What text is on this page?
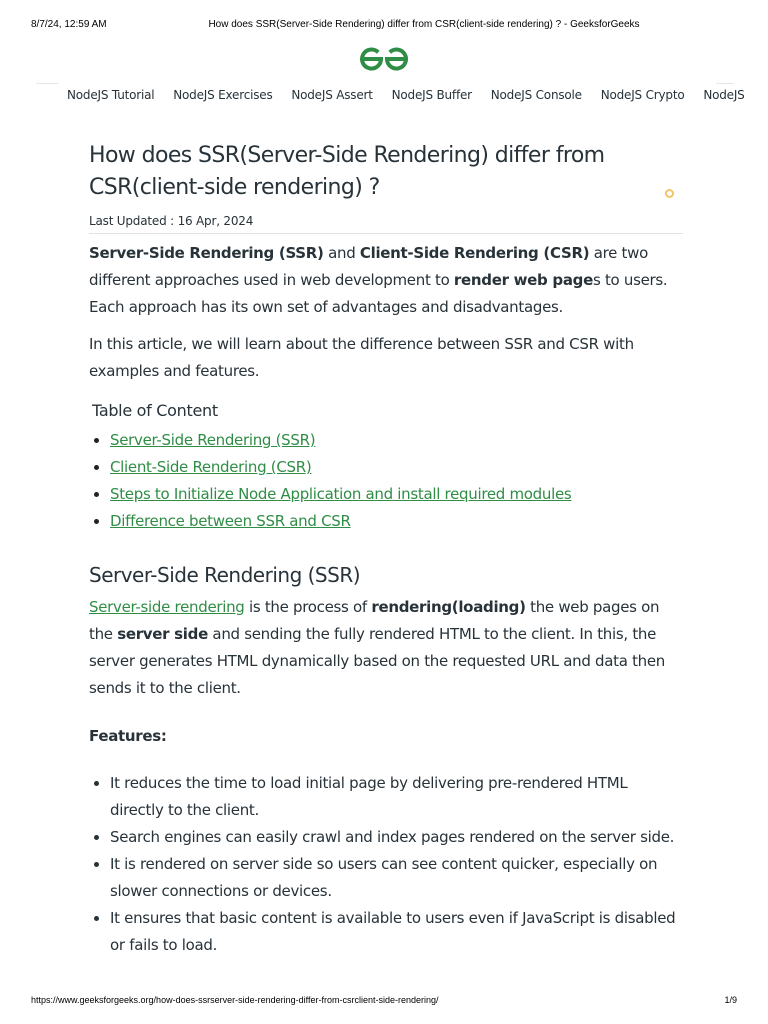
8/7/24, 12:59 AM	How does SSR(Server-Side Rendering) differ from CSR(client-side rendering) ? - GeeksforGeeks
NodeJS Tutorial NodeJS Exercises NodeJS Assert NodeJS Buffer NodeJS Console NodeJS Crypto NodeJS
How does SSR(Server-Side Rendering) differ from CSR(client-side rendering) ?
Last Updated : 16 Apr, 2024

Server-Side Rendering (SSR) and Client-Side Rendering (CSR) are two different approaches used in web development to render web pages to users. Each approach has its own set of advantages and disadvantages.

In this article, we will learn about the difference between SSR and CSR with examples and features.

Table of Content
• Server-Side Rendering (SSR)
• Client-Side Rendering (CSR)
• Steps to Initialize Node Application and install required modules
• Difference between SSR and CSR
Server-Side Rendering (SSR)

Server-side rendering is the process of rendering(loading) the web pages on the server side and sending the fully rendered HTML to the client. In this, the server generates HTML dynamically based on the requested URL and data then sends it to the client.

Features:
• It reduces the time to load initial page by delivering pre-rendered HTML directly to the client.
• Search engines can easily crawl and index pages rendered on the server side.
• It is rendered on server side so users can see content quicker, especially on slower connections or devices.
• It ensures that basic content is available to users even if JavaScript is disabled or fails to load.
https://www.geeksforgeeks.org/how-does-ssrserver-side-rendering-differ-from-csrclient-side-rendering/	1/9
